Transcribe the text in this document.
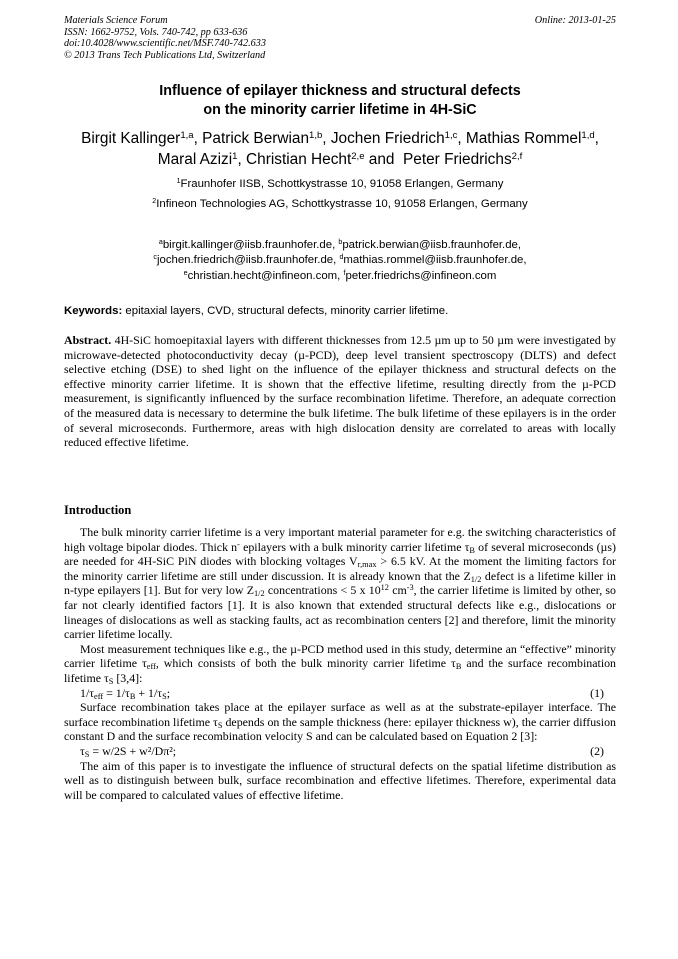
Materials Science Forum
ISSN: 1662-9752, Vols. 740-742, pp 633-636
doi:10.4028/www.scientific.net/MSF.740-742.633
© 2013 Trans Tech Publications Ltd, Switzerland
Online: 2013-01-25
Influence of epilayer thickness and structural defects
on the minority carrier lifetime in 4H-SiC
Birgit Kallinger$^{1,a}$, Patrick Berwian$^{1,b}$, Jochen Friedrich$^{1,c}$, Mathias Rommel$^{1,d}$,
Maral Azizi$^1$, Christian Hecht$^{2,e}$ and  Peter Friedrichs$^{2,f}$
$^1$Fraunhofer IISB, Schottkystrasse 10, 91058 Erlangen, Germany
$^2$Infineon Technologies AG, Schottkystrasse 10, 91058 Erlangen, Germany
$^a$birgit.kallinger@iisb.fraunhofer.de, $^b$patrick.berwian@iisb.fraunhofer.de,
$^c$jochen.friedrich@iisb.fraunhofer.de, $^d$mathias.rommel@iisb.fraunhofer.de,
$^e$christian.hecht@infineon.com, $^f$peter.friedrichs@infineon.com
Keywords: epitaxial layers, CVD, structural defects, minority carrier lifetime.

Abstract. 4H-SiC homoepitaxial layers with different thicknesses from 12.5 µm up to 50 µm were investigated by microwave-detected photoconductivity decay (µ-PCD), deep level transient spectroscopy (DLTS) and defect selective etching (DSE) to shed light on the influence of the epilayer thickness and structural defects on the effective minority carrier lifetime. It is shown that the effective lifetime, resulting directly from the µ-PCD measurement, is significantly influenced by the surface recombination lifetime. Therefore, an adequate correction of the measured data is necessary to determine the bulk lifetime. The bulk lifetime of these epilayers is in the order of several microseconds. Furthermore, areas with high dislocation density are correlated to areas with locally reduced effective lifetime.

Introduction

The bulk minority carrier lifetime is a very important material parameter for e.g. the switching characteristics of high voltage bipolar diodes. Thick n- epilayers with a bulk minority carrier lifetime $\tau_B$ of several microseconds (µs) are needed for 4H-SiC PiN diodes with blocking voltages $V_{r,max} > 6.5$ kV. At the moment the limiting factors for the minority carrier lifetime are still under discussion. It is already known that the $Z_{1/2}$ defect is a lifetime killer in n-type epilayers [1]. But for very low $Z_{1/2}$ concentrations < 5 x $10^{12}$ $cm^{-3}$, the carrier lifetime is limited by other, so far not clearly identified factors [1]. It is also known that extended structural defects like e.g., dislocations or lineages of dislocations as well as stacking faults, act as recombination centers [2] and therefore, limit the minority carrier lifetime locally.

Most measurement techniques like e.g., the µ-PCD method used in this study, determine an “effective” minority carrier lifetime $\tau_{eff}$, which consists of both the bulk minority carrier lifetime $\tau_B$ and the surface recombination lifetime $\tau_S$ [3,4]:

$1/\tau_{eff} = 1/\tau_B + 1/\tau_S$;	(1)

Surface recombination takes place at the epilayer surface as well as at the substrate-epilayer interface. The surface recombination lifetime $\tau_S$ depends on the sample thickness (here: epilayer thickness w), the carrier diffusion constant D and the surface recombination velocity S and can be calculated based on Equation 2 [3]:

$\tau_S = w/2S + w^2/D\pi^2$;	(2)

The aim of this paper is to investigate the influence of structural defects on the spatial lifetime distribution as well as to distinguish between bulk, surface recombination and effective lifetimes. Therefore, experimental data will be compared to calculated values of effective lifetime.
